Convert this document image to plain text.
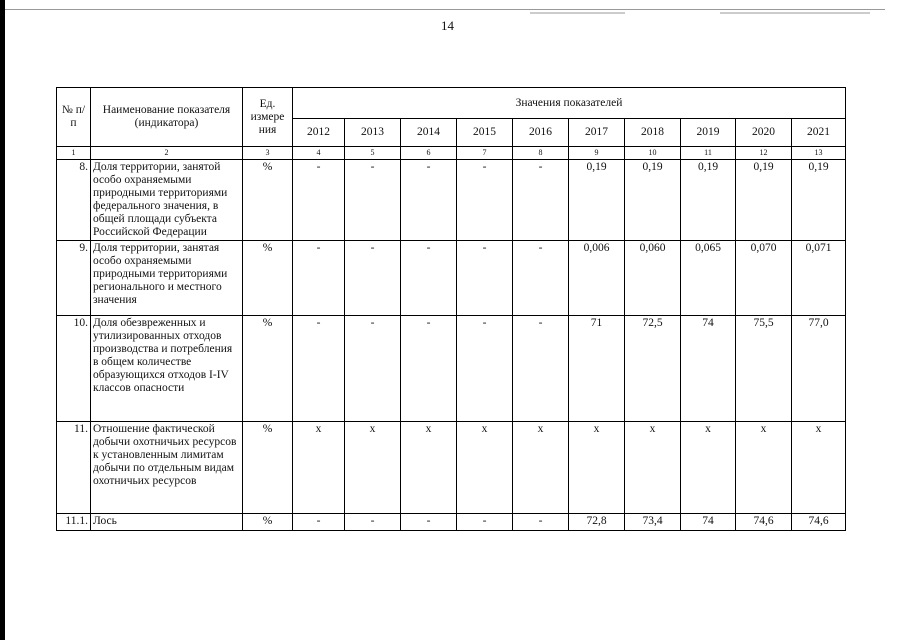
14
№ п/п	Наименование показателя (индикатора)	Ед. измере ния	Значения показателей									
			2012	2013	2014	2015	2016	2017	2018	2019	2020	2021
1	2	3	4	5	6	7	8	9	10	11	12	13
8.	Доля территории, занятой особо охраняемыми природными территориями федерального значения, в общей площади субъекта Российской Федерации	%	-	-	-	-	-	0,19	0,19	0,19	0,19	0,19
9.	Доля территории, занятая особо охраняемыми природными территориями регионального и местного значения	%	-	-	-	-	-	0,006	0,060	0,065	0,070	0,071
10.	Доля обезвреженных и утилизированных отходов производства и потребления в общем количестве образующихся отходов I-IV классов опасности	%	-	-	-	-	-	71	72,5	74	75,5	77,0
11.	Отношение фактической добычи охотничьих ресурсов к установленным лимитам добычи по отдельным видам охотничьих ресурсов	%	x	x	x	x	x	x	x	x	x	x
11.1.	Лось	%	-	-	-	-	-	72,8	73,4	74	74,6	74,6
